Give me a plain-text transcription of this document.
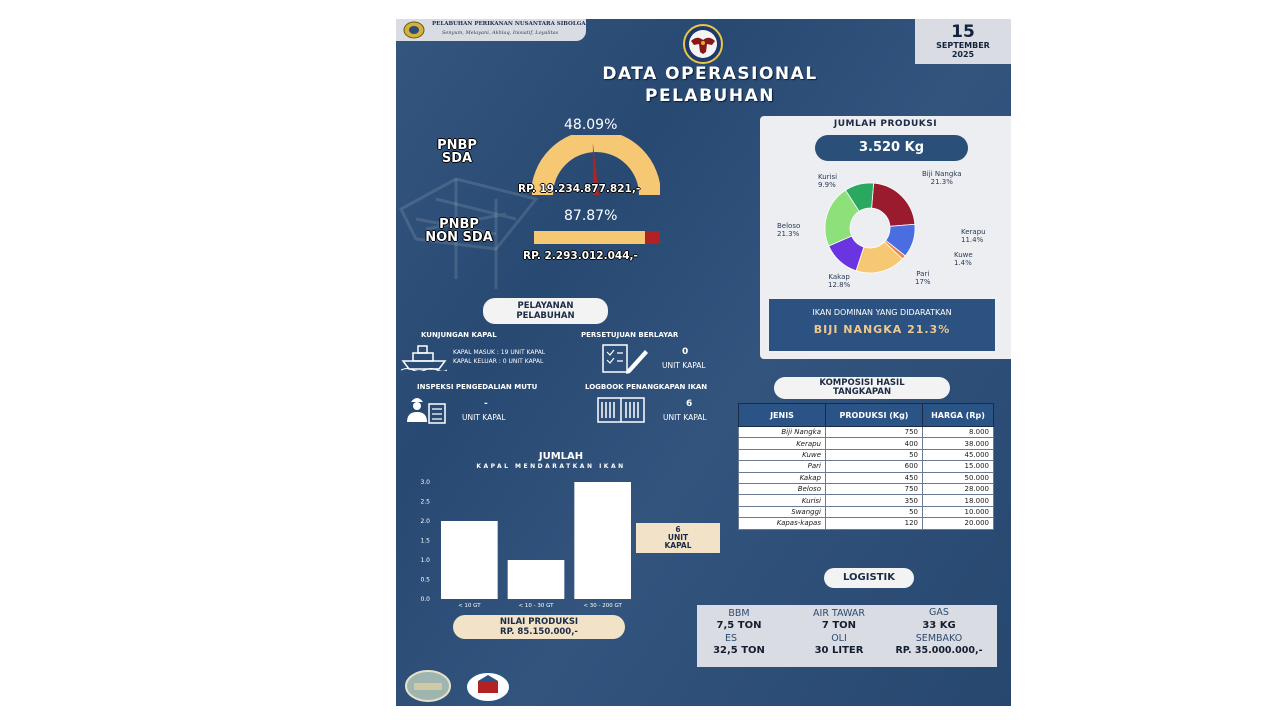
PELABUHAN PERIKANAN NUSANTARA SIBOLGA
Senyum, Melayani, Akhlaq, Inisiatif, Loyalitas	15
SEPTEMBER
2025
DATA OPERASIONAL
PELABUHAN
PNBP
SDA
48.09%
RP. 19.234.877.821,-
PNBP
NON SDA
87.87%
RP. 2.293.012.044,-
JUMLAH PRODUKSI
3.520 Kg
Kurisi
9.9%
Biji Nangka
21.3%
Beloso
21.3%	Kerapu
11.4%
Kuwe
1.4%
Pari
17%
Kakap
12.8%
IKAN DOMINAN YANG DIDARATKAN
BIJI NANGKA 21.3%
PELAYANAN
PELABUHAN
KUNJUNGAN KAPAL
KAPAL MASUK : 19 UNIT KAPAL
KAPAL KELUAR : 0 UNIT KAPAL
PERSETUJUAN BERLAYAR
0
UNIT KAPAL
INSPEKSI PENGEDALIAN MUTU
-
UNIT KAPAL
LOGBOOK PENANGKAPAN IKAN
6
UNIT KAPAL
KOMPOSISI HASIL
TANGKAPAN
JENIS	PRODUKSI (Kg)	HARGA (Rp)
Biji Nangka	750	8.000
Kerapu	400	38.000
Kuwe	50	45.000
Pari	600	15.000
Kakap	450	50.000
Beloso	750	28.000
Kurisi	350	18.000
Swanggi	50	10.000
Kapas-kapas	120	20.000
JUMLAH
KAPAL MENDARATKAN IKAN
0.0
0.5
1.0
1.5
2.0
2.5
3.0
< 10 GT	< 10 - 30 GT	< 30 - 200 GT
6
UNIT
KAPAL
NILAI PRODUKSI
RP. 85.150.000,-
LOGISTIK
BBM
7,5 TON
AIR TAWAR
7 TON
GAS
33 KG
ES
32,5 TON
OLI
30 LITER
SEMBAKO
RP. 35.000.000,-
